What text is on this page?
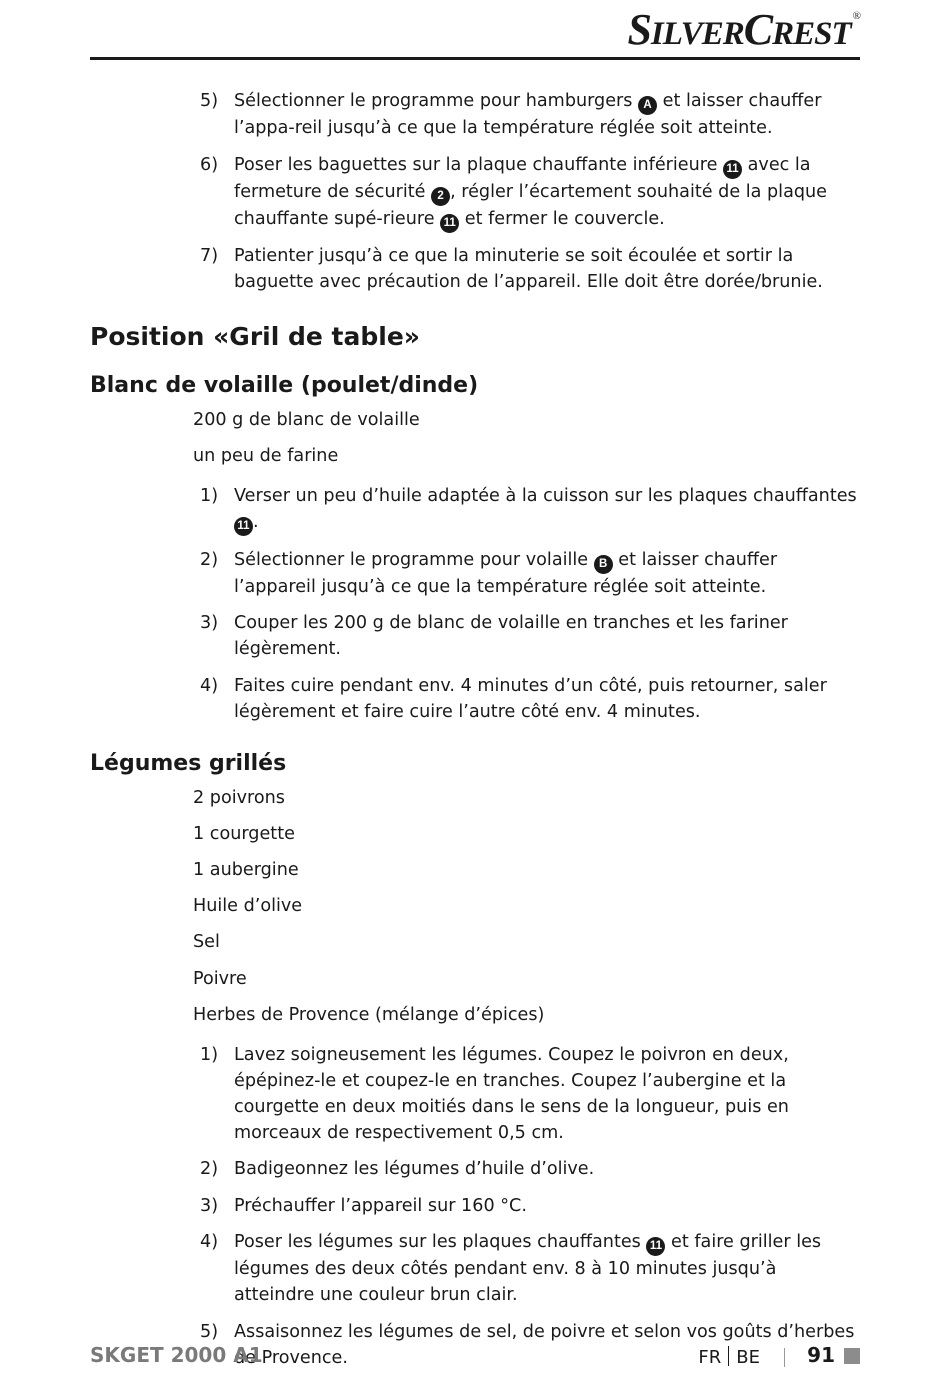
SILVERCREST ®
5) Sélectionner le programme pour hamburgers A et laisser chauffer l’appa-reil jusqu’à ce que la température réglée soit atteinte.
6) Poser les baguettes sur la plaque chauffante inférieure 11 avec la fermeture de sécurité 2 , régler l’écartement souhaité de la plaque chauffante supé-rieure 11 et fermer le couvercle.
7) Patienter jusqu’à ce que la minuterie se soit écoulée et sortir la baguette avec précaution de l’appareil. Elle doit être dorée/brunie.
Position «Gril de table»
Blanc de volaille (poulet/dinde)
200 g de blanc de volaille
un peu de farine
1) Verser un peu d’huile adaptée à la cuisson sur les plaques chauffantes 11 .
2) Sélectionner le programme pour volaille B et laisser chauffer l’appareil jusqu’à ce que la température réglée soit atteinte.
3) Couper les 200 g de blanc de volaille en tranches et les fariner légèrement.
4) Faites cuire pendant env. 4 minutes d’un côté, puis retourner, saler légèrement et faire cuire l’autre côté env. 4 minutes.
Légumes grillés
2 poivrons
1 courgette
1 aubergine
Huile d’olive
Sel
Poivre
Herbes de Provence (mélange d’épices)
1) Lavez soigneusement les légumes. Coupez le poivron en deux, épépinez-le et coupez-le en tranches. Coupez l’aubergine et la courgette en deux moitiés dans le sens de la longueur, puis en morceaux de respectivement 0,5 cm.
2) Badigeonnez les légumes d’huile d’olive.
3) Préchauffer l’appareil sur 160 °C.
4) Poser les légumes sur les plaques chauffantes 11 et faire griller les légumes des deux côtés pendant env. 8 à 10 minutes jusqu’à atteindre une couleur brun clair.
5) Assaisonnez les légumes de sel, de poivre et selon vos goûts d’herbes de Provence.
SKGET 2000 A1	FR BE 91
